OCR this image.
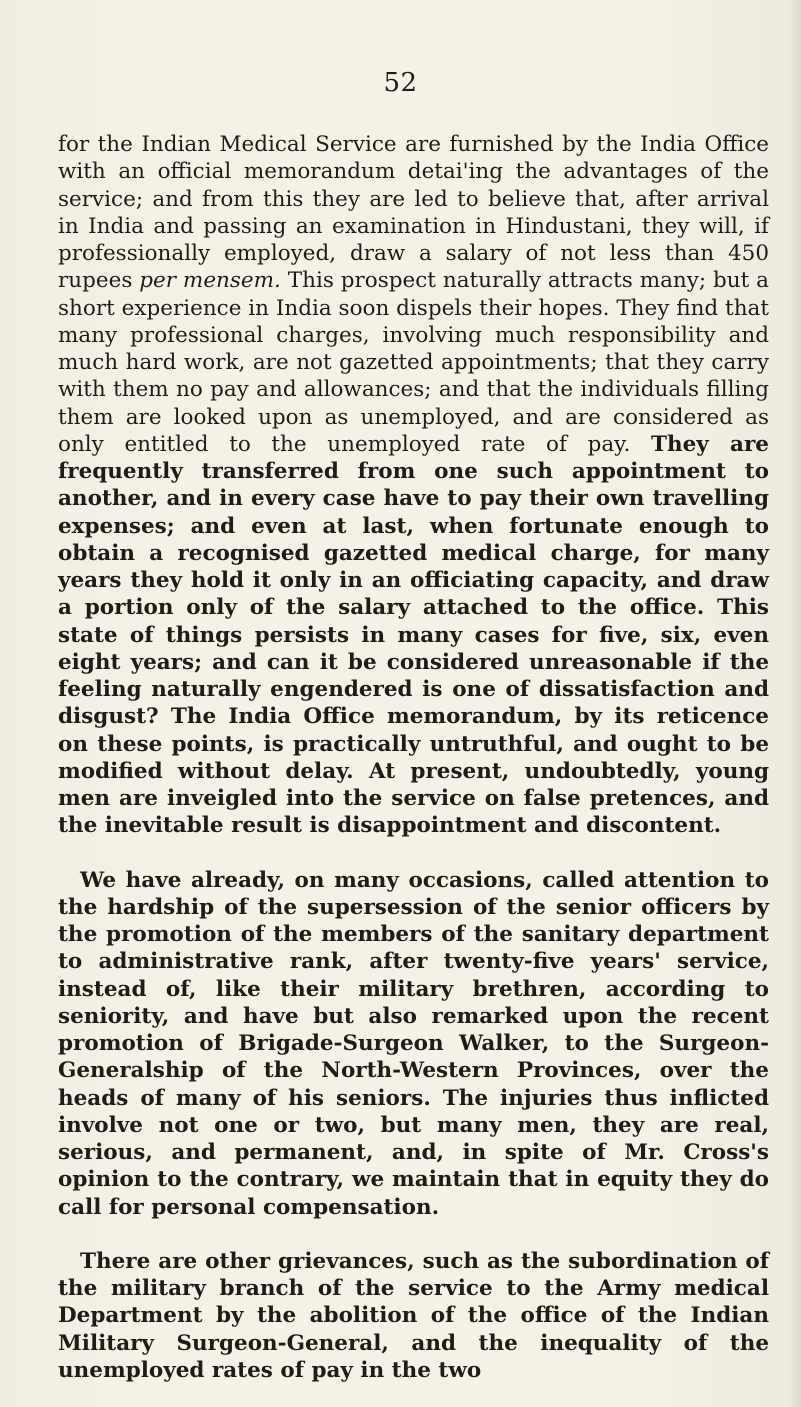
52

for the Indian Medical Service are furnished by the India Office with an official memorandum detai'ing the advantages of the service; and from this they are led to believe that, after arrival in India and passing an examination in Hindustani, they will, if professionally employed, draw a salary of not less than 450 rupees per mensem. This prospect naturally attracts many; but a short experience in India soon dispels their hopes. They find that many professional charges, involving much responsibility and much hard work, are not gazetted appointments; that they carry with them no pay and allowances; and that the individuals filling them are looked upon as unemployed, and are considered as only entitled to the unemployed rate of pay. They are frequently transferred from one such appointment to another, and in every case have to pay their own travelling expenses; and even at last, when fortunate enough to obtain a recognised gazetted medical charge, for many years they hold it only in an officiating capacity, and draw a portion only of the salary attached to the office. This state of things persists in many cases for five, six, even eight years; and can it be considered unreasonable if the feeling naturally engendered is one of dissatisfaction and disgust? The India Office memorandum, by its reticence on these points, is practically untruthful, and ought to be modified without delay. At present, undoubtedly, young men are inveigled into the service on false pretences, and the inevitable result is disappointment and discontent.

We have already, on many occasions, called attention to the hardship of the supersession of the senior officers by the promotion of the members of the sanitary department to administrative rank, after twenty-five years' service, instead of, like their military brethren, according to seniority, and have but also remarked upon the recent promotion of Brigade-Surgeon Walker, to the Surgeon-Generalship of the North-Western Provinces, over the heads of many of his seniors. The injuries thus inflicted involve not one or two, but many men, they are real, serious, and permanent, and, in spite of Mr. Cross's opinion to the contrary, we maintain that in equity they do call for personal compensation.

There are other grievances, such as the subordination of the military branch of the service to the Army medical Department by the abolition of the office of the Indian Military Surgeon-General, and the inequality of the unemployed rates of pay in the two
